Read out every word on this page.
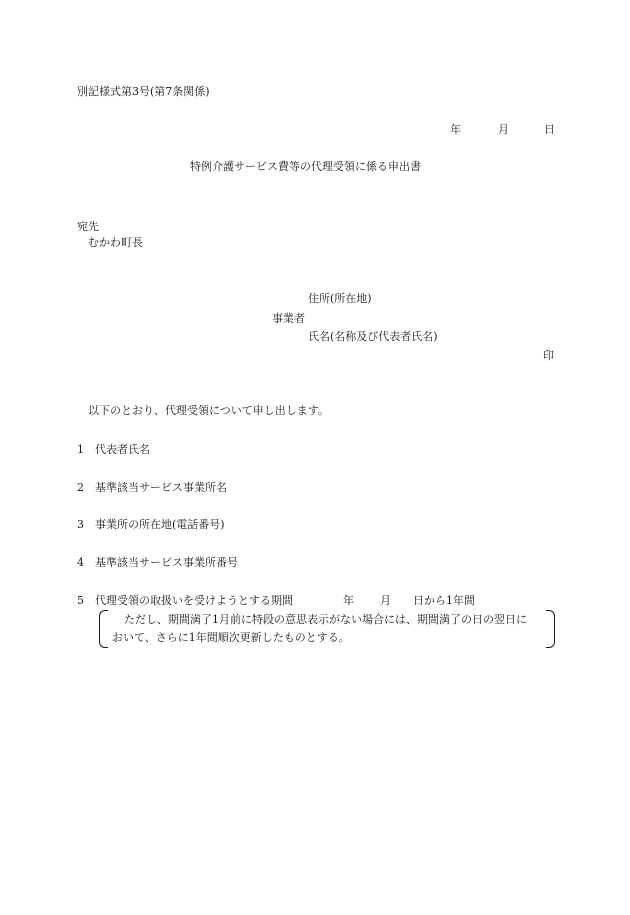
別記様式第3号(第7条関係)
年	月	日
特例介護サービス費等の代理受領に係る申出書
宛先
むかわ町長
住所(所在地)
事業者
氏名(名称及び代表者氏名)
印
以下のとおり、代理受領について申し出します。
1 代表者氏名
2 基準該当サービス事業所名
3 事業所の所在地(電話番号)
4 基準該当サービス事業所番号
5 代理受領の取扱いを受けようとする期間	年 月 日から1年間
ただし、期間満了1月前に特段の意思表示がない場合には、期間満了の日の翌日に
おいて、さらに1年間順次更新したものとする。
